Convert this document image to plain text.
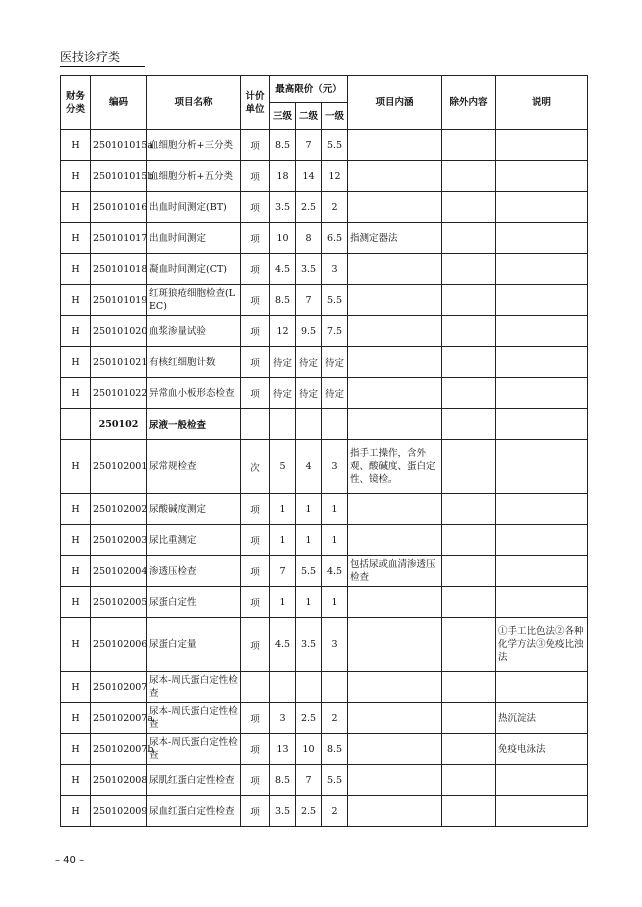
医技诊疗类
财务分类	编码	项目名称	计价单位	最高限价（元）			项目内涵	除外内容	说明
				三级	二级	一级			
H	250101015a	血细胞分析+三分类	项	8.5	7	5.5			
H	250101015b	血细胞分析+五分类	项	18	14	12			
H	250101016	出血时间测定(BT)	项	3.5	2.5	2			
H	250101017	出血时间测定	项	10	8	6.5	指测定器法		
H	250101018	凝血时间测定(CT)	项	4.5	3.5	3			
H	250101019	红斑狼疮细胞检查(LEC)	项	8.5	7	5.5			
H	250101020	血浆渗量试验	项	12	9.5	7.5			
H	250101021	有核红细胞计数	项	待定	待定	待定			
H	250101022	异常血小板形态检查	项	待定	待定	待定			
	250102	尿液一般检查							
H	250102001	尿常规检查	次	5	4	3	指手工操作，含外观、酸碱度、蛋白定性、镜检。		
H	250102002	尿酸碱度测定	项	1	1	1			
H	250102003	尿比重测定	项	1	1	1			
H	250102004	渗透压检查	项	7	5.5	4.5	包括尿或血清渗透压检查		
H	250102005	尿蛋白定性	项	1	1	1			
H	250102006	尿蛋白定量	项	4.5	3.5	3			①手工比色法②各种化学方法③免疫比浊法
H	250102007	尿本-周氏蛋白定性检查							
H	250102007a	尿本-周氏蛋白定性检查	项	3	2.5	2			热沉淀法
H	250102007b	尿本-周氏蛋白定性检查	项	13	10	8.5			免疫电泳法
H	250102008	尿肌红蛋白定性检查	项	8.5	7	5.5			
H	250102009	尿血红蛋白定性检查	项	3.5	2.5	2			
– 40 –
